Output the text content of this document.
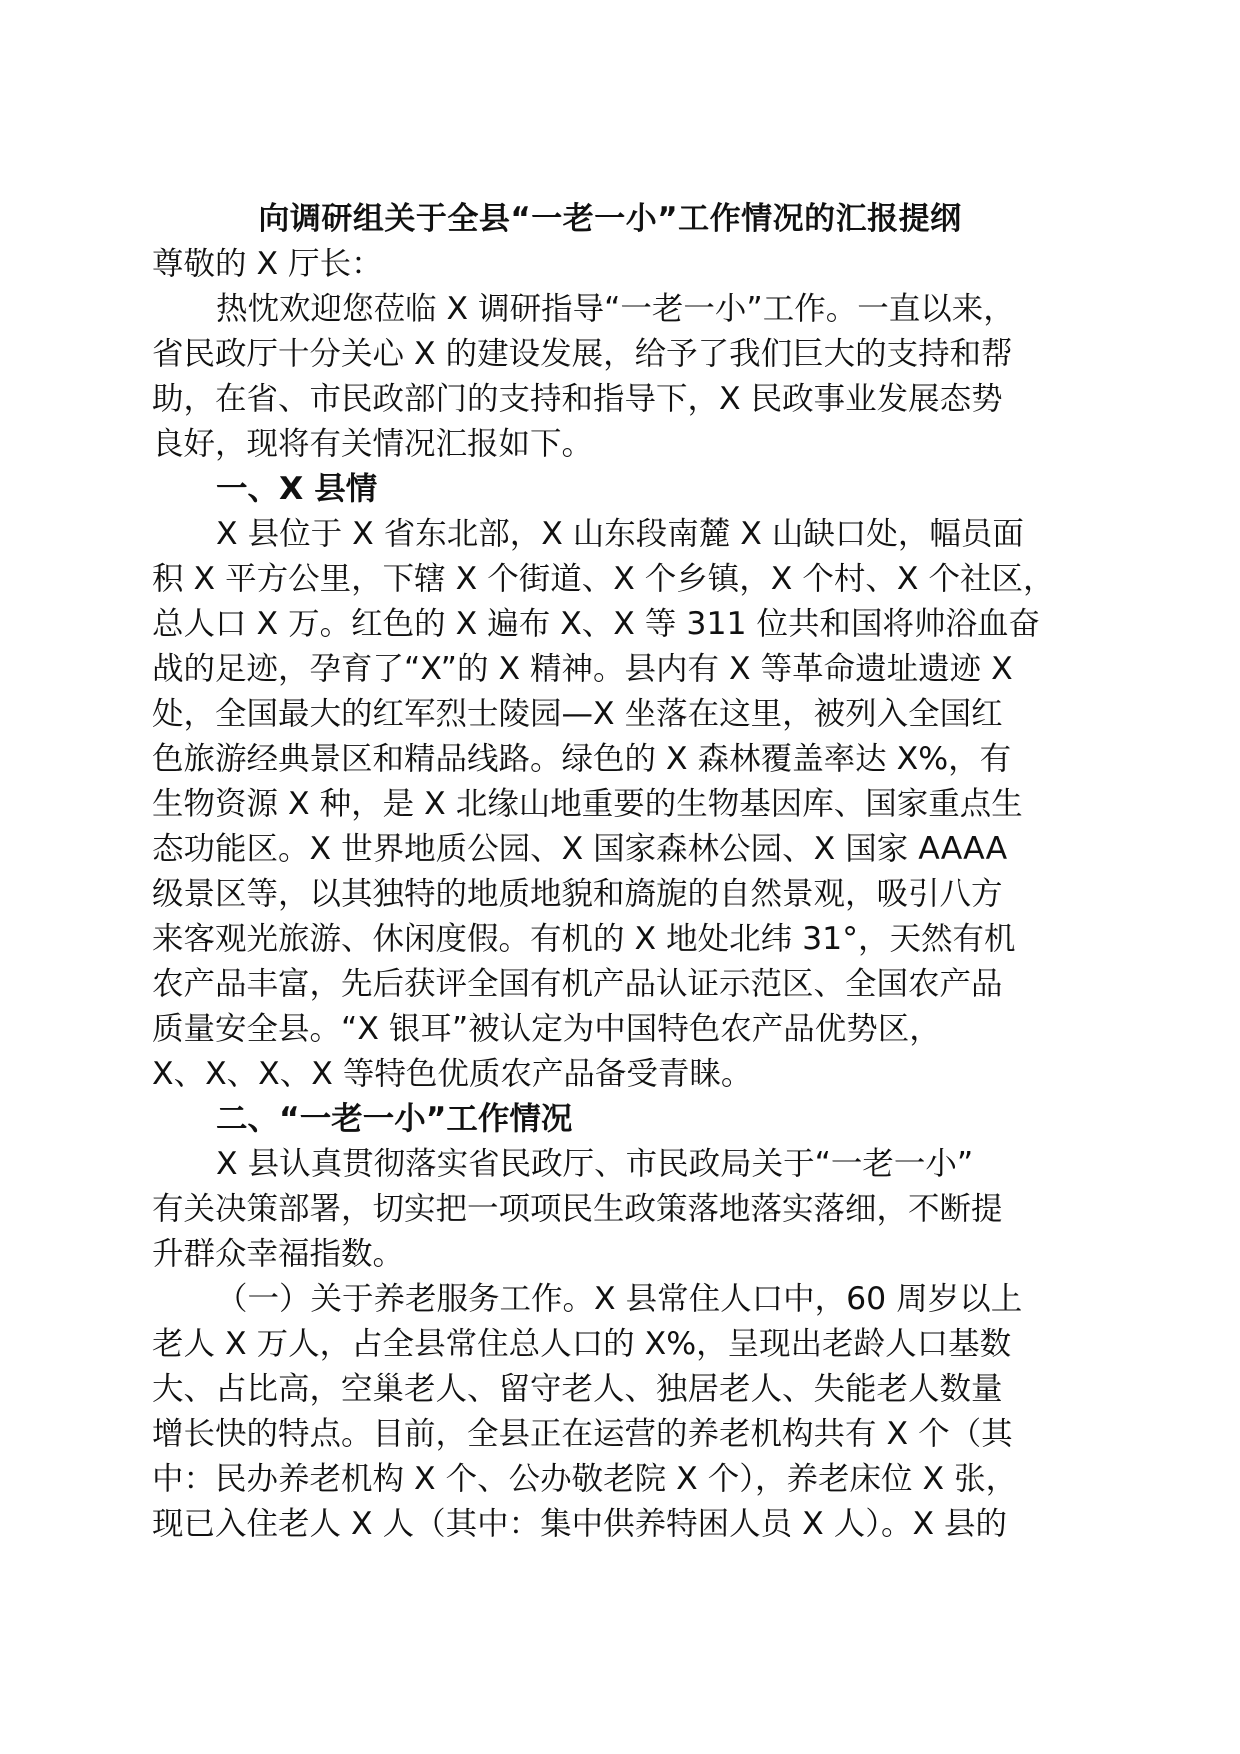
向调研组关于全县“一老一小”工作情况的汇报提纲
尊敬的 X 厅长：
热忱欢迎您莅临 X 调研指导“一老一小”工作。一直以来，
省民政厅十分关心 X 的建设发展，给予了我们巨大的支持和帮
助，在省、市民政部门的支持和指导下，X 民政事业发展态势
良好，现将有关情况汇报如下。
一、X 县情
X 县位于 X 省东北部，X 山东段南麓 X 山缺口处，幅员面
积 X 平方公里，下辖 X 个街道、X 个乡镇，X 个村、X 个社区，
总人口 X 万。红色的 X 遍布 X、X 等 311 位共和国将帅浴血奋
战的足迹，孕育了“X”的 X 精神。县内有 X 等革命遗址遗迹 X
处，全国最大的红军烈士陵园—X 坐落在这里，被列入全国红
色旅游经典景区和精品线路。绿色的 X 森林覆盖率达 X%，有
生物资源 X 种，是 X 北缘山地重要的生物基因库、国家重点生
态功能区。X 世界地质公园、X 国家森林公园、X 国家 AAAA
级景区等，以其独特的地质地貌和旖旎的自然景观，吸引八方
来客观光旅游、休闲度假。有机的 X 地处北纬 31°，天然有机
农产品丰富，先后获评全国有机产品认证示范区、全国农产品
质量安全县。“X 银耳”被认定为中国特色农产品优势区，
X、X、X、X 等特色优质农产品备受青睐。
二、“一老一小”工作情况
X 县认真贯彻落实省民政厅、市民政局关于“一老一小”
有关决策部署，切实把一项项民生政策落地落实落细，不断提
升群众幸福指数。
（一）关于养老服务工作。X 县常住人口中，60 周岁以上
老人 X 万人，占全县常住总人口的 X%，呈现出老龄人口基数
大、占比高，空巢老人、留守老人、独居老人、失能老人数量
增长快的特点。目前，全县正在运营的养老机构共有 X 个（其
中：民办养老机构 X 个、公办敬老院 X 个），养老床位 X 张，
现已入住老人 X 人（其中：集中供养特困人员 X 人）。X 县的
